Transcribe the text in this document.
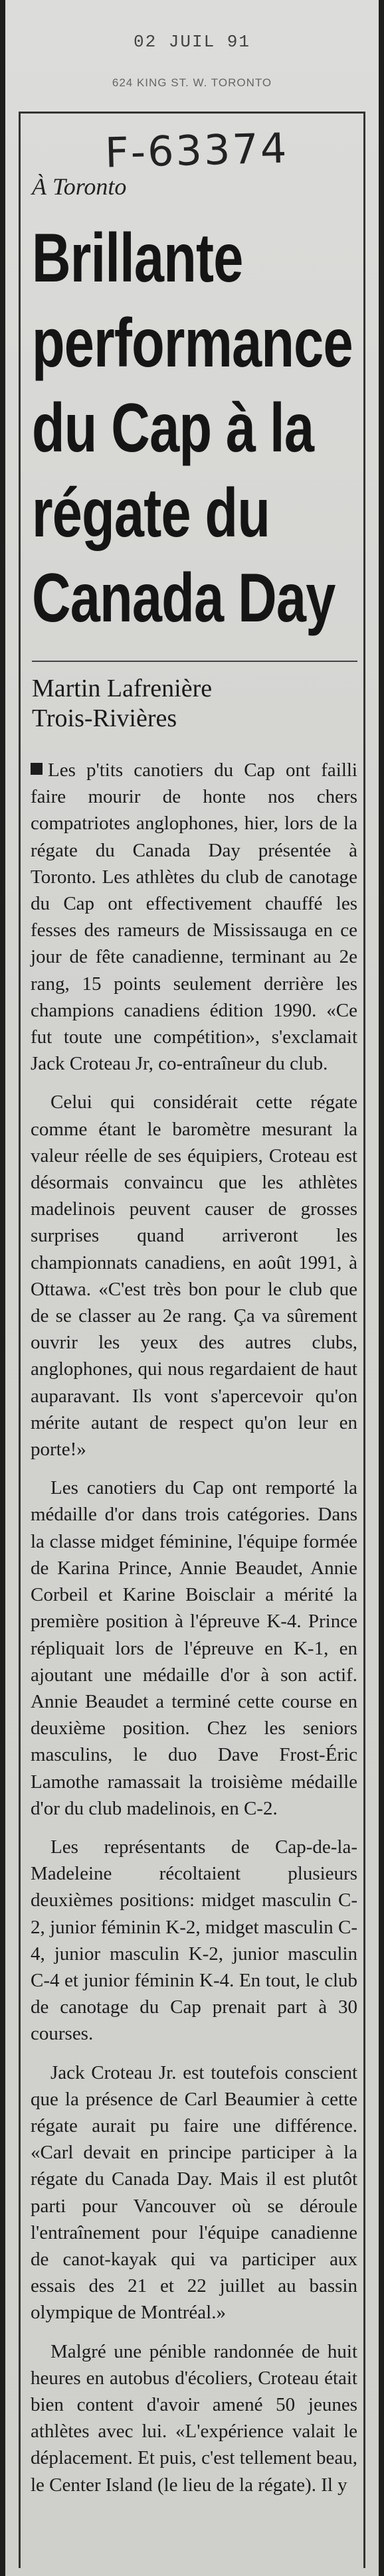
02 JUIL 91
624 KING ST. W. TORONTO
F-63374
À Toronto
Brillante performance du Cap à la régate du Canada Day
Martin Lafrenière
Trois-Rivières

Les p'tits canotiers du Cap ont failli faire mourir de honte nos chers compatriotes anglophones, hier, lors de la régate du Canada Day présentée à Toronto. Les athlètes du club de canotage du Cap ont effectivement chauffé les fesses des rameurs de Mississauga en ce jour de fête canadienne, terminant au 2e rang, 15 points seulement derrière les champions canadiens édition 1990. «Ce fut toute une compétition», s'exclamait Jack Croteau Jr, co-entraîneur du club.

Celui qui considérait cette régate comme étant le baromètre mesurant la valeur réelle de ses équipiers, Croteau est désormais convaincu que les athlètes madelinois peuvent causer de grosses surprises quand arriveront les championnats canadiens, en août 1991, à Ottawa. «C'est très bon pour le club que de se classer au 2e rang. Ça va sûrement ouvrir les yeux des autres clubs, anglophones, qui nous regardaient de haut auparavant. Ils vont s'apercevoir qu'on mérite autant de respect qu'on leur en porte!»

Les canotiers du Cap ont remporté la médaille d'or dans trois catégories. Dans la classe midget féminine, l'équipe formée de Karina Prince, Annie Beaudet, Annie Corbeil et Karine Boisclair a mérité la première position à l'épreuve K-4. Prince répliquait lors de l'épreuve en K-1, en ajoutant une médaille d'or à son actif. Annie Beaudet a terminé cette course en deuxième position. Chez les seniors masculins, le duo Dave Frost-Éric Lamothe ramassait la troisième médaille d'or du club madelinois, en C-2.

Les représentants de Cap-de-la-Madeleine récoltaient plusieurs deuxièmes positions: midget masculin C-2, junior féminin K-2, midget masculin C-4, junior masculin K-2, junior masculin C-4 et junior féminin K-4. En tout, le club de canotage du Cap prenait part à 30 courses.

Jack Croteau Jr. est toutefois conscient que la présence de Carl Beaumier à cette régate aurait pu faire une différence. «Carl devait en principe participer à la régate du Canada Day. Mais il est plutôt parti pour Vancouver où se déroule l'entraînement pour l'équipe canadienne de canot-kayak qui va participer aux essais des 21 et 22 juillet au bassin olympique de Montréal.»

Malgré une pénible randonnée de huit heures en autobus d'écoliers, Croteau était bien content d'avoir amené 50 jeunes athlètes avec lui. «L'expérience valait le déplacement. Et puis, c'est tellement beau, le Center Island (le lieu de la régate). Il y
